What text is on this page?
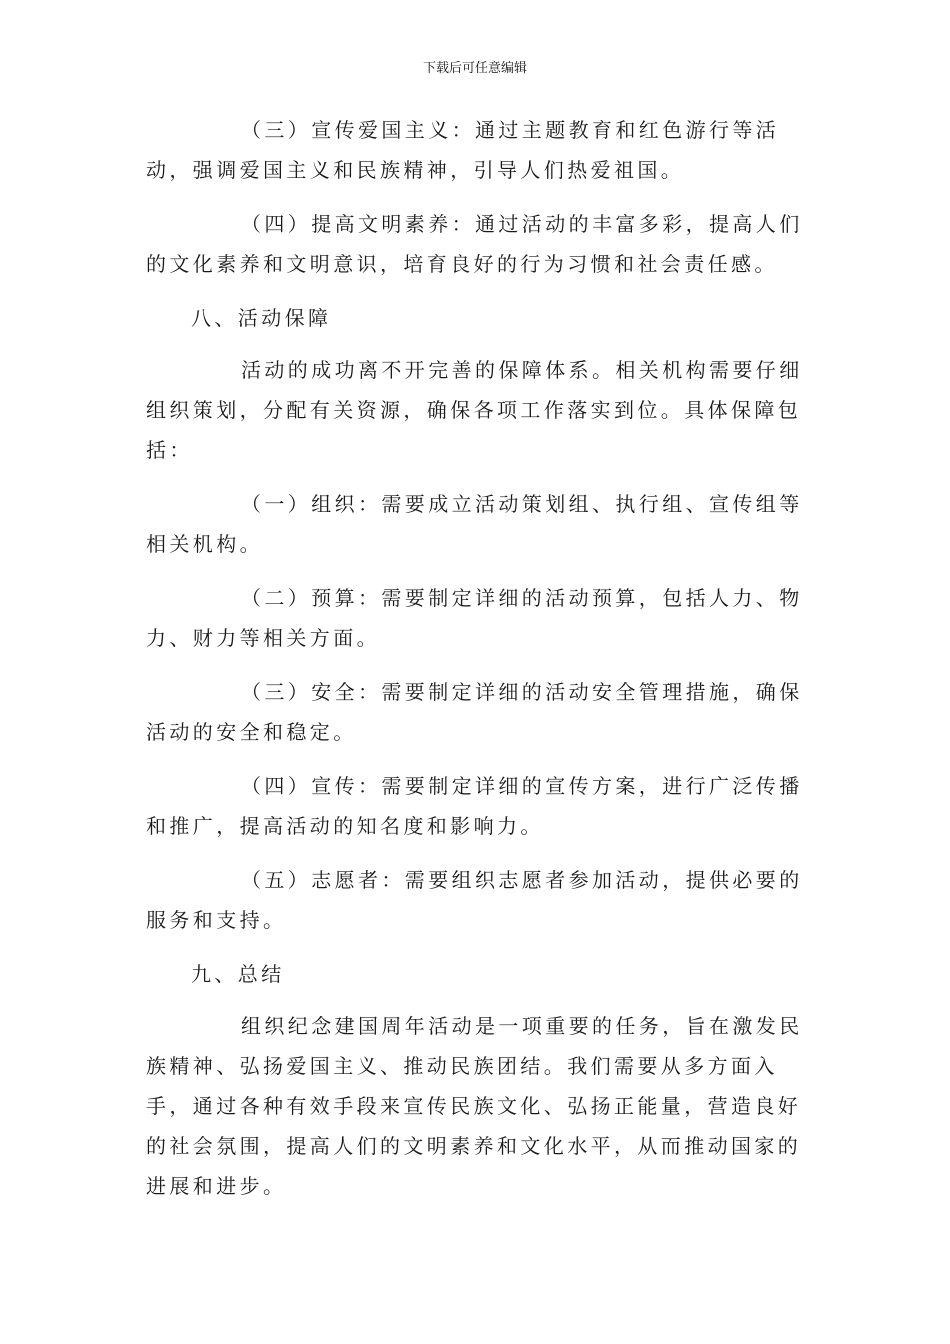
下载后可任意编辑

（三）宣传爱国主义：通过主题教育和红色游行等活动，强调爱国主义和民族精神，引导人们热爱祖国。

（四）提高文明素养：通过活动的丰富多彩，提高人们的文化素养和文明意识，培育良好的行为习惯和社会责任感。

八、活动保障

活动的成功离不开完善的保障体系。相关机构需要仔细组织策划，分配有关资源，确保各项工作落实到位。具体保障包括：

（一）组织：需要成立活动策划组、执行组、宣传组等相关机构。

（二）预算：需要制定详细的活动预算，包括人力、物力、财力等相关方面。

（三）安全：需要制定详细的活动安全管理措施，确保活动的安全和稳定。

（四）宣传：需要制定详细的宣传方案，进行广泛传播和推广，提高活动的知名度和影响力。

（五）志愿者：需要组织志愿者参加活动，提供必要的服务和支持。

九、总结

组织纪念建国周年活动是一项重要的任务，旨在激发民族精神、弘扬爱国主义、推动民族团结。我们需要从多方面入手，通过各种有效手段来宣传民族文化、弘扬正能量，营造良好的社会氛围，提高人们的文明素养和文化水平，从而推动国家的进展和进步。
